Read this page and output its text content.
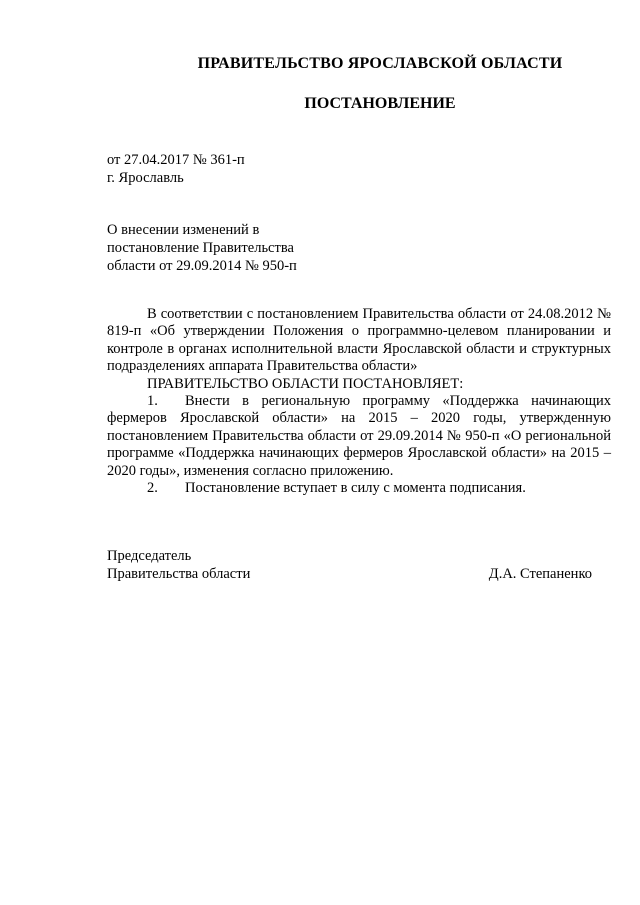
ПРАВИТЕЛЬСТВО ЯРОСЛАВСКОЙ ОБЛАСТИ
ПОСТАНОВЛЕНИЕ
от 27.04.2017 № 361-п
г. Ярославль
О внесении изменений в
постановление Правительства
области от 29.09.2014 № 950-п

В соответствии с постановлением Правительства области от 24.08.2012 № 819-п «Об утверждении Положения о программно-целевом планировании и контроле в органах исполнительной власти Ярославской области и структурных подразделениях аппарата Правительства области»

ПРАВИТЕЛЬСТВО ОБЛАСТИ ПОСТАНОВЛЯЕТ:

1. Внести в региональную программу «Поддержка начинающих фермеров Ярославской области» на 2015 – 2020 годы, утвержденную постановлением Правительства области от 29.09.2014 № 950-п «О региональной программе «Поддержка начинающих фермеров Ярославской области» на 2015 – 2020 годы», изменения согласно приложению.

2. Постановление вступает в силу с момента подписания.

Председатель
Правительства области	Д.А. Степаненко
